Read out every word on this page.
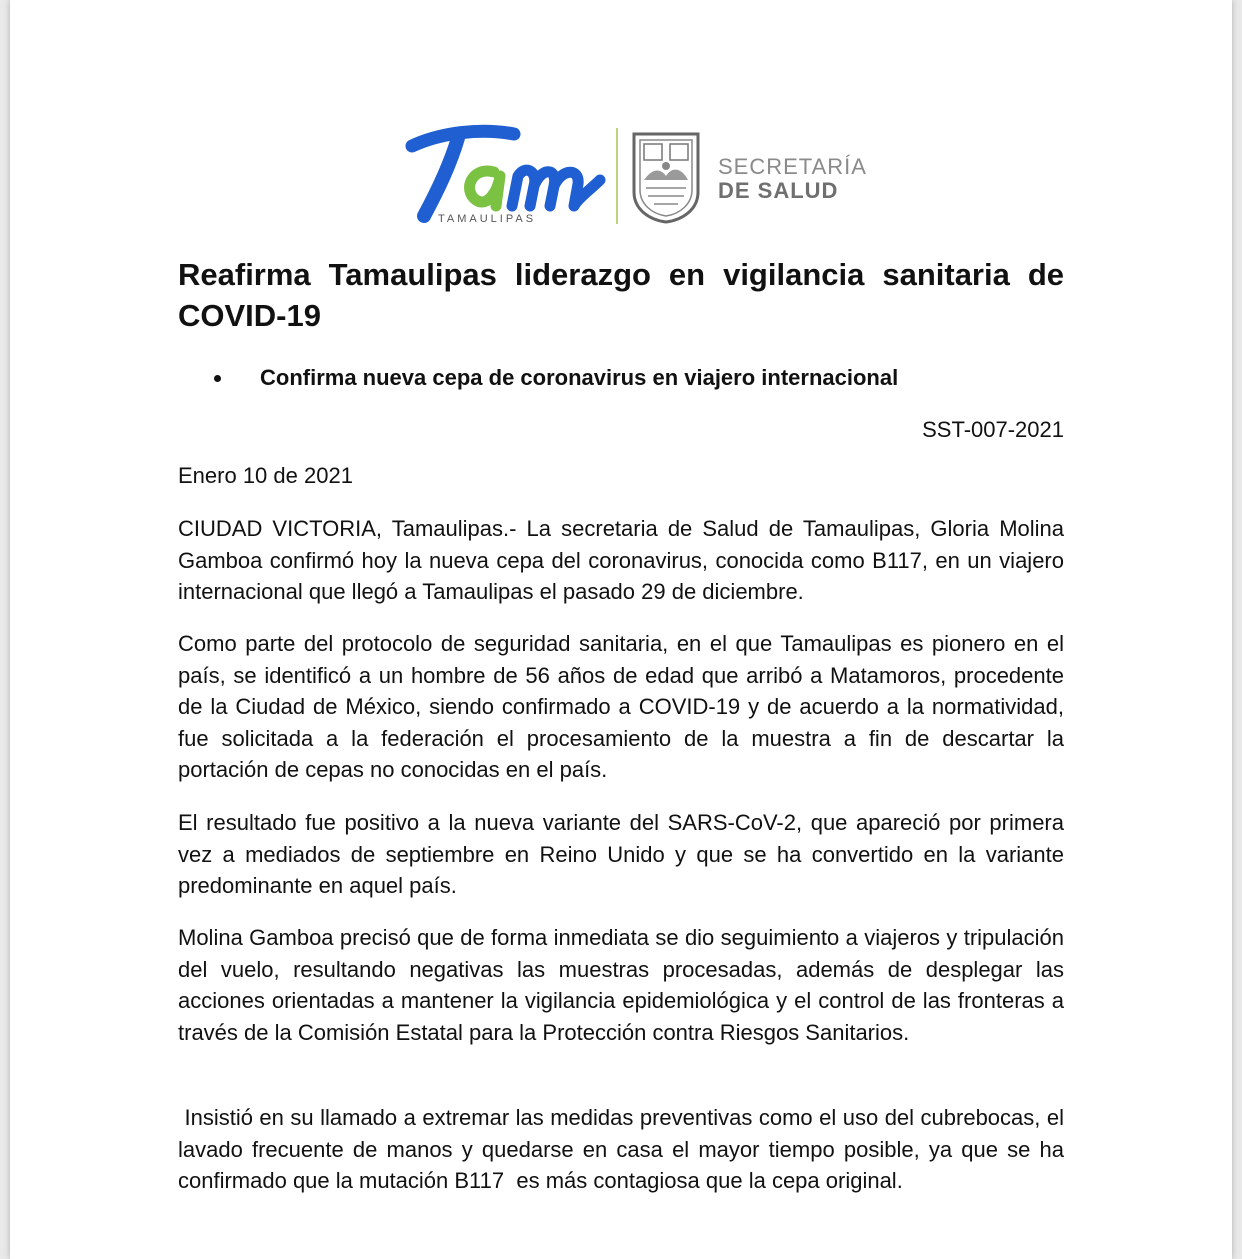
TAMAULIPAS
SECRETARÍA
DE SALUD
Reafirma Tamaulipas liderazgo en vigilancia sanitaria de COVID-19
Confirma nueva cepa de coronavirus en viajero internacional
SST-007-2021
Enero 10 de 2021

CIUDAD VICTORIA, Tamaulipas.- La secretaria de Salud de Tamaulipas, Gloria Molina Gamboa confirmó hoy la nueva cepa del coronavirus, conocida como B117, en un viajero internacional que llegó a Tamaulipas el pasado 29 de diciembre.

Como parte del protocolo de seguridad sanitaria, en el que Tamaulipas es pionero en el país, se identificó a un hombre de 56 años de edad que arribó a Matamoros, procedente de la Ciudad de México, siendo confirmado a COVID-19 y de acuerdo a la normatividad, fue solicitada a la federación el procesamiento de la muestra a fin de descartar la portación de cepas no conocidas en el país.

El resultado fue positivo a la nueva variante del SARS-CoV-2, que apareció por primera vez a mediados de septiembre en Reino Unido y que se ha convertido en la variante predominante en aquel país.

Molina Gamboa precisó que de forma inmediata se dio seguimiento a viajeros y tripulación del vuelo, resultando negativas las muestras procesadas, además de desplegar las acciones orientadas a mantener la vigilancia epidemiológica y el control de las fronteras a través de la Comisión Estatal para la Protección contra Riesgos Sanitarios.

Insistió en su llamado a extremar las medidas preventivas como el uso del cubrebocas, el lavado frecuente de manos y quedarse en casa el mayor tiempo posible, ya que se ha confirmado que la mutación B117  es más contagiosa que la cepa original.
